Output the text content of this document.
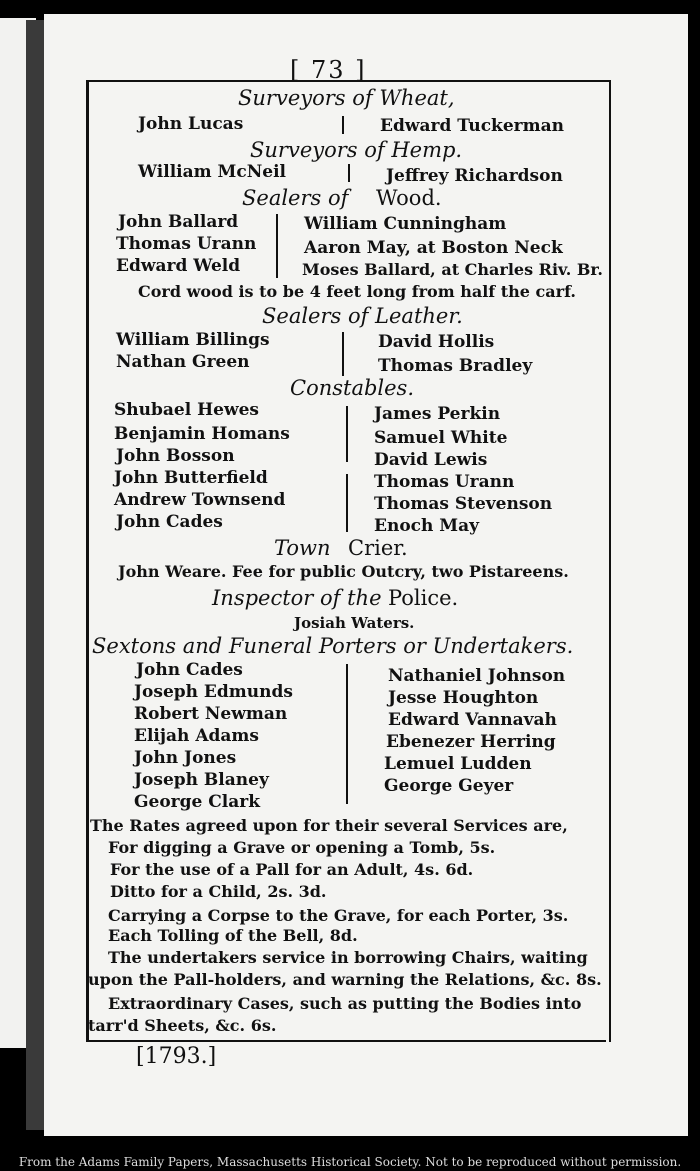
[ 73 ]
Surveyors of Wheat,
John Lucas	Edward Tuckerman
Surveyors of Hemp.
William McNeil	Jeffrey Richardson
Sealers of Wood.
John Ballard
Thomas Urann
Edward Weld
William Cunningham
Aaron May, at Boston Neck
Moses Ballard, at Charles Riv. Br.
Cord wood is to be 4 feet long from half the carf.
Sealers of Leather.
William Billings
Nathan Green
David Hollis
Thomas Bradley
Constables.
Shubael Hewes
Benjamin Homans
John Bosson
John Butterfield
Andrew Townsend
John Cades
James Perkin
Samuel White
David Lewis
Thomas Urann
Thomas Stevenson
Enoch May
Town Crier.
John Weare. Fee for public Outcry, two Pistareens.
Inspector of the Police.
Josiah Waters.
Sextons and Funeral Porters or Undertakers.
John Cades
Joseph Edmunds
Robert Newman
Elijah Adams
John Jones
Joseph Blaney
George Clark
Nathaniel Johnson
Jesse Houghton
Edward Vannavah
Ebenezer Herring
Lemuel Ludden
George Geyer
The Rates agreed upon for their several Services are,
For digging a Grave or opening a Tomb, 5s.
For the use of a Pall for an Adult, 4s. 6d.
Ditto for a Child, 2s. 3d.
Carrying a Corpse to the Grave, for each Porter, 3s.
Each Tolling of the Bell, 8d.
The undertakers service in borrowing Chairs, waiting
upon the Pall-holders, and warning the Relations, &c. 8s.
Extraordinary Cases, such as putting the Bodies into
tarr'd Sheets, &c. 6s.
[1793.]
From the Adams Family Papers, Massachusetts Historical Society. Not to be reproduced without permission.
